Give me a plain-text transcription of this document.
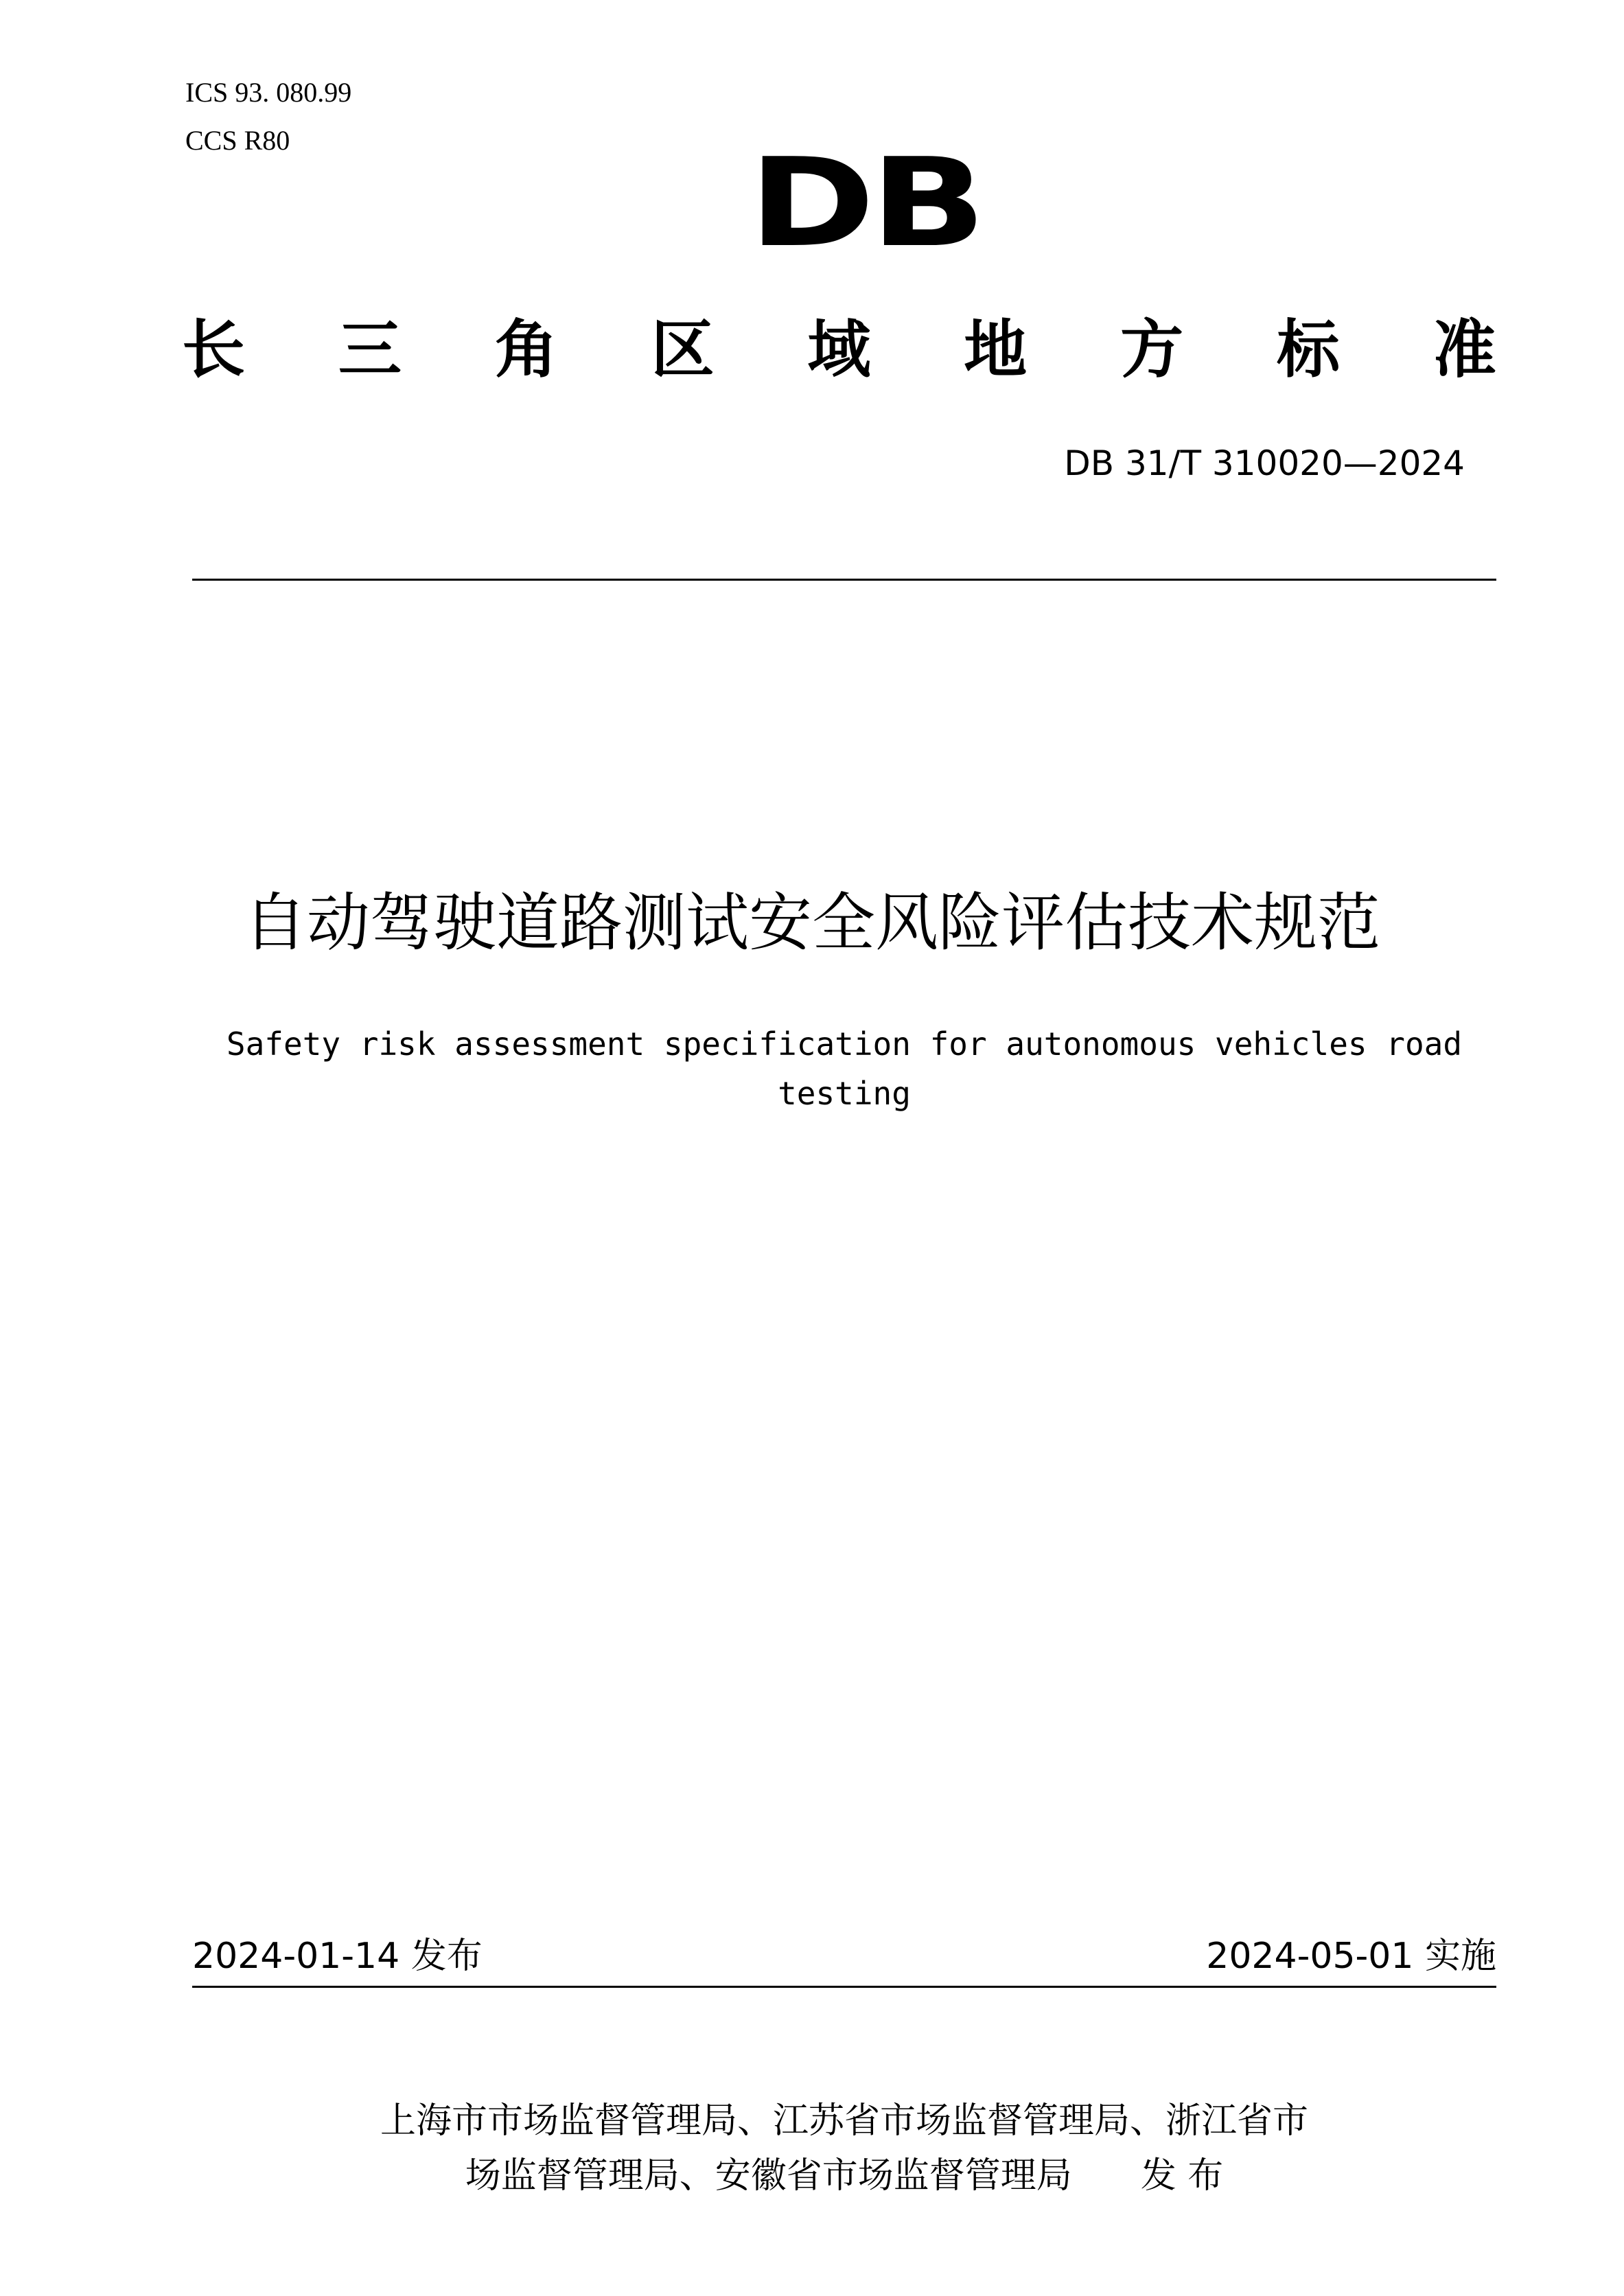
ICS 93. 080.99
CCS R80	DB
长 三 角 区 域 地 方 标 准
DB 31/T 310020—2024
自动驾驶道路测试安全风险评估技术规范
Safety risk assessment specification for autonomous vehicles road
testing
2024-01-14 发布	2024-05-01 实施
上海市市场监督管理局、江苏省市场监督管理局、浙江省市
场监督管理局、安徽省市场监督管理局 发 布
